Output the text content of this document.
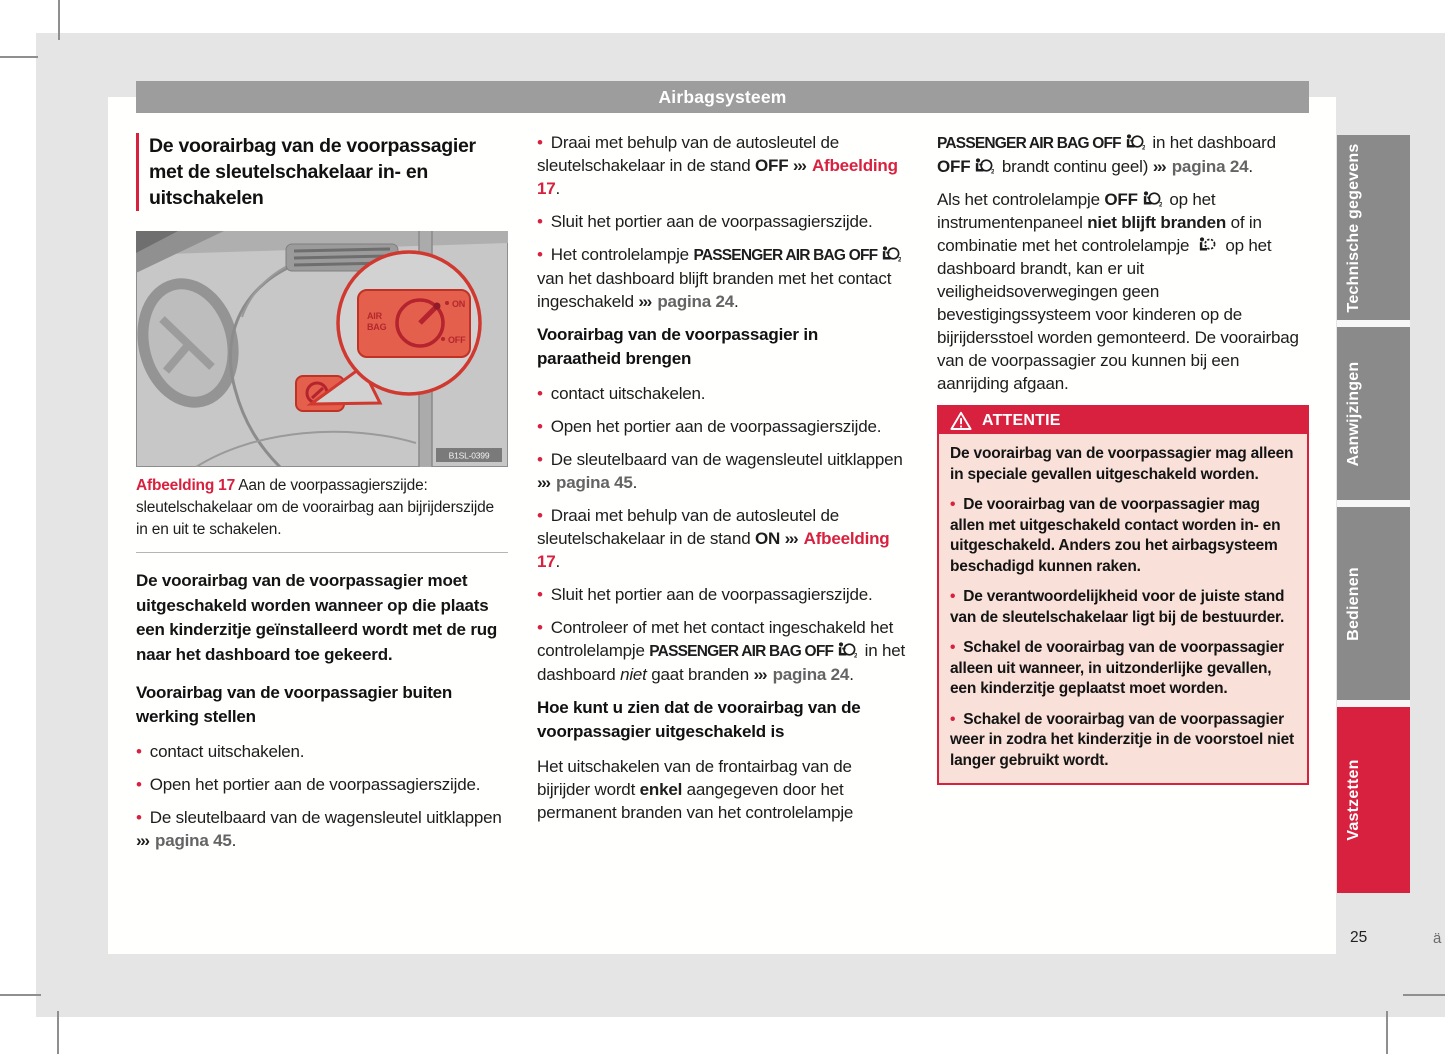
Airbagsysteem
De voorairbag van de voorpassagier met de sleutelschakelaar in- en uitschakelen
Afbeelding 17 Aan de voorpassagierszijde: sleutelschakelaar om de voorairbag aan bijrijderszijde in en uit te schakelen.

De voorairbag van de voorpassagier moet uitgeschakeld worden wanneer op die plaats een kinderzitje geïnstalleerd wordt met de rug naar het dashboard toe gekeerd.

Voorairbag van de voorpassagier buiten werking stellen

• contact uitschakelen.

• Open het portier aan de voorpassagierszijde.

• De sleutelbaard van de wagensleutel uitklappen ››› pagina 45.

• Draai met behulp van de autosleutel de sleutelschakelaar in de stand OFF ››› Afbeelding 17.

• Sluit het portier aan de voorpassagierszijde.

• Het controlelampje PASSENGER AIR BAG OFF van het dashboard blijft branden met het contact ingeschakeld ››› pagina 24.

Voorairbag van de voorpassagier in paraatheid brengen

• contact uitschakelen.

• Open het portier aan de voorpassagierszijde.

• De sleutelbaard van de wagensleutel uitklappen ››› pagina 45.

• Draai met behulp van de autosleutel de sleutelschakelaar in de stand ON ››› Afbeelding 17.

• Sluit het portier aan de voorpassagierszijde.

• Controleer of met het contact ingeschakeld het controlelampje PASSENGER AIR BAG OFF in het dashboard niet gaat branden ››› pagina 24.

Hoe kunt u zien dat de voorairbag van de voorpassagier uitgeschakeld is

Het uitschakelen van de frontairbag van de bijrijder wordt enkel aangegeven door het permanent branden van het controlelampje

PASSENGER AIR BAG OFF in het dashboard OFF brandt continu geel) ››› pagina 24.

Als het controlelampje OFF op het instrumentenpaneel niet blijft branden of in combinatie met het controlelampje  op het dashboard brandt, kan er uit veiligheidsoverwegingen geen bevestigingssysteem voor kinderen op de bijrijdersstoel worden gemonteerd. De voorairbag van de voorpassagier zou kunnen bij een aanrijding afgaan.

ATTENTIE

De voorairbag van de voorpassagier mag alleen in speciale gevallen uitgeschakeld worden.

• De voorairbag van de voorpassagier mag allen met uitgeschakeld contact worden in- en uitgeschakeld. Anders zou het airbagsysteem beschadigd kunnen raken.

• De verantwoordelijkheid voor de juiste stand van de sleutelschakelaar ligt bij de bestuurder.

• Schakel de voorairbag van de voorpassagier alleen uit wanneer, in uitzonderlijke gevallen, een kinderzitje geplaatst moet worden.

• Schakel de voorairbag van de voorpassagier weer in zodra het kinderzitje in de voorstoel niet langer gebruikt wordt.

Technische gegevens
Aanwijzingen
Bedienen
Vastzetten
25	ä
